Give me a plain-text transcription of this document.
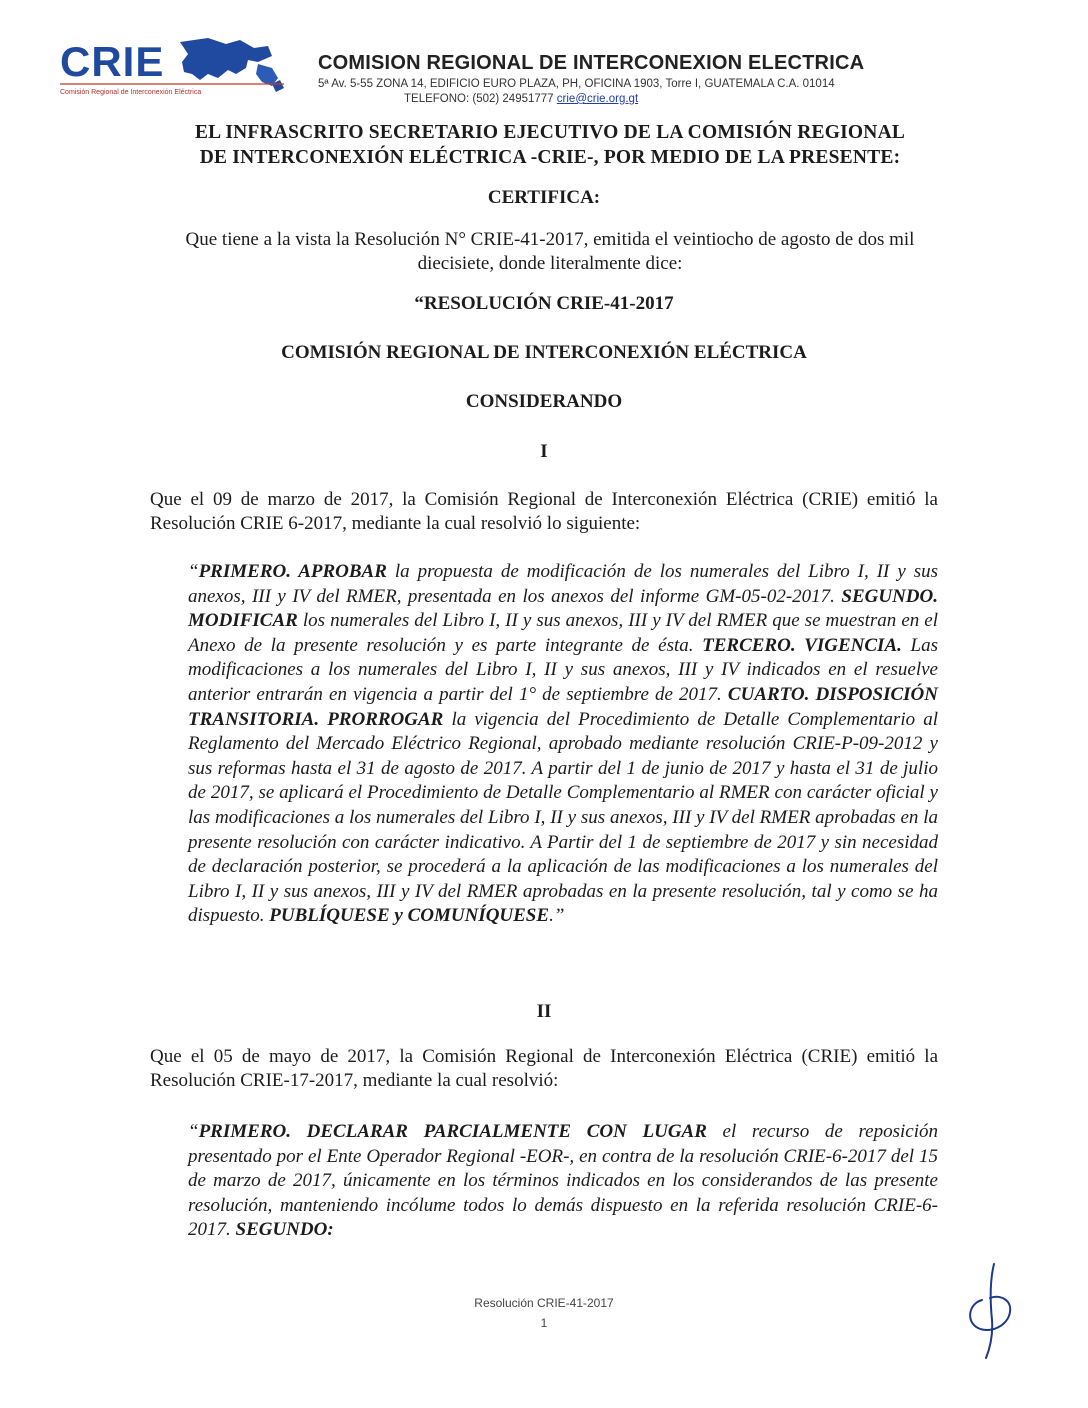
CRIE
Comisión Regional de Interconexión Eléctrica
COMISION REGIONAL DE INTERCONEXION ELECTRICA
5ª Av. 5-55 ZONA 14, EDIFICIO EURO PLAZA, PH, OFICINA 1903, Torre I, GUATEMALA C.A. 01014
TELEFONO: (502) 24951777 crie@crie.org.gt
EL INFRASCRITO SECRETARIO EJECUTIVO DE LA COMISIÓN REGIONAL
DE INTERCONEXIÓN ELÉCTRICA -CRIE-, POR MEDIO DE LA PRESENTE:
CERTIFICA:
Que tiene a la vista la Resolución N° CRIE-41-2017, emitida el veintiocho de agosto de dos mil diecisiete, donde literalmente dice:
“RESOLUCIÓN CRIE-41-2017
COMISIÓN REGIONAL DE INTERCONEXIÓN ELÉCTRICA
CONSIDERANDO
I
Que el 09 de marzo de 2017, la Comisión Regional de Interconexión Eléctrica (CRIE) emitió la Resolución CRIE 6-2017, mediante la cual resolvió lo siguiente:
“PRIMERO. APROBAR la propuesta de modificación de los numerales del Libro I, II y sus anexos, III y IV del RMER, presentada en los anexos del informe GM-05-02-2017. SEGUNDO. MODIFICAR los numerales del Libro I, II y sus anexos, III y IV del RMER que se muestran en el Anexo de la presente resolución y es parte integrante de ésta. TERCERO. VIGENCIA. Las modificaciones a los numerales del Libro I, II y sus anexos, III y IV indicados en el resuelve anterior entrarán en vigencia a partir del 1° de septiembre de 2017. CUARTO. DISPOSICIÓN TRANSITORIA. PRORROGAR la vigencia del Procedimiento de Detalle Complementario al Reglamento del Mercado Eléctrico Regional, aprobado mediante resolución CRIE-P-09-2012 y sus reformas hasta el 31 de agosto de 2017. A partir del 1 de junio de 2017 y hasta el 31 de julio de 2017, se aplicará el Procedimiento de Detalle Complementario al RMER con carácter oficial y las modificaciones a los numerales del Libro I, II y sus anexos, III y IV del RMER aprobadas en la presente resolución con carácter indicativo. A Partir del 1 de septiembre de 2017 y sin necesidad de declaración posterior, se procederá a la aplicación de las modificaciones a los numerales del Libro I, II y sus anexos, III y IV del RMER aprobadas en la presente resolución, tal y como se ha dispuesto. PUBLÍQUESE y COMUNÍQUESE.”
II
Que el 05 de mayo de 2017, la Comisión Regional de Interconexión Eléctrica (CRIE) emitió la Resolución CRIE-17-2017, mediante la cual resolvió:
“PRIMERO. DECLARAR PARCIALMENTE CON LUGAR el recurso de reposición presentado por el Ente Operador Regional -EOR-, en contra de la resolución CRIE-6-2017 del 15 de marzo de 2017, únicamente en los términos indicados en los considerandos de las presente resolución, manteniendo incólume todos lo demás dispuesto en la referida resolución CRIE-6-2017. SEGUNDO:
Resolución CRIE-41-2017
1
